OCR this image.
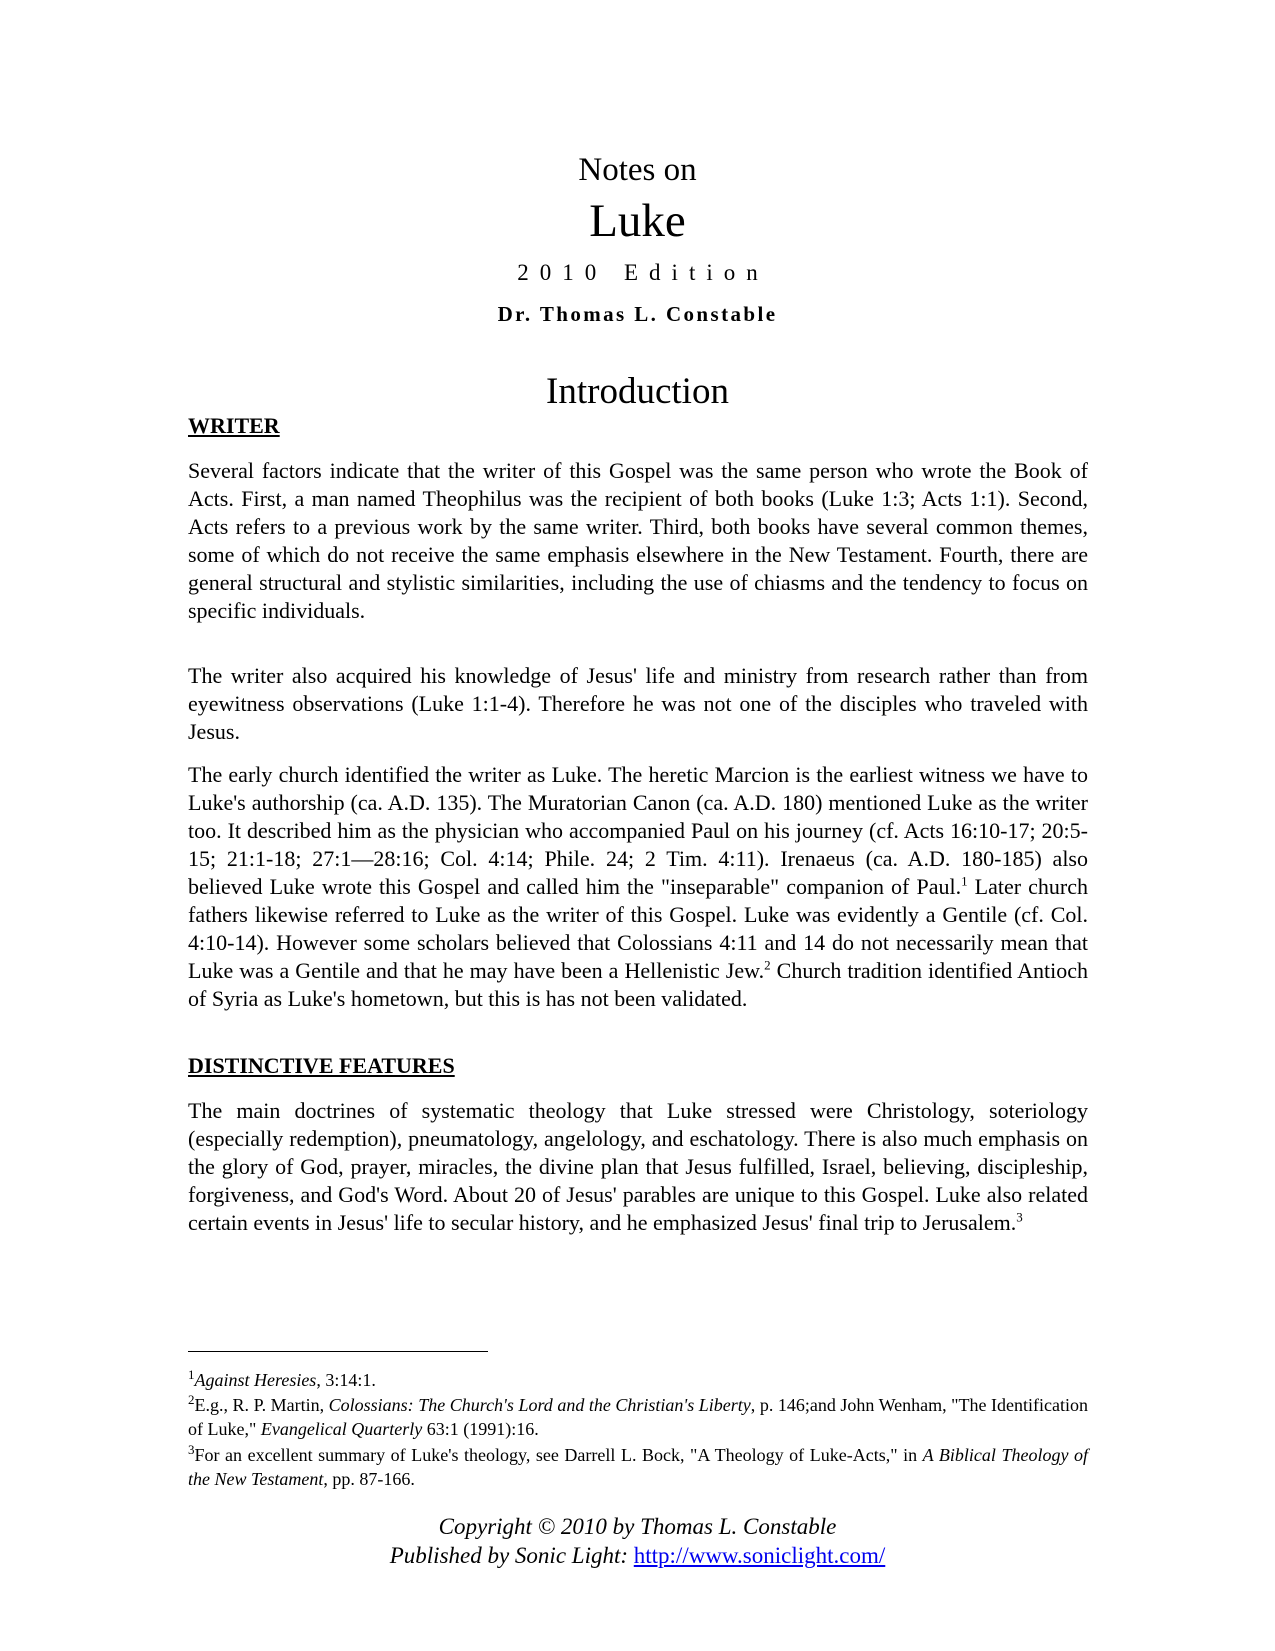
Notes on
Luke
2010 Edition
Dr. Thomas L. Constable
Introduction
WRITER
Several factors indicate that the writer of this Gospel was the same person who wrote the Book of Acts. First, a man named Theophilus was the recipient of both books (Luke 1:3; Acts 1:1). Second, Acts refers to a previous work by the same writer. Third, both books have several common themes, some of which do not receive the same emphasis elsewhere in the New Testament. Fourth, there are general structural and stylistic similarities, including the use of chiasms and the tendency to focus on specific individuals.
The writer also acquired his knowledge of Jesus' life and ministry from research rather than from eyewitness observations (Luke 1:1-4). Therefore he was not one of the disciples who traveled with Jesus.
The early church identified the writer as Luke. The heretic Marcion is the earliest witness we have to Luke's authorship (ca. A.D. 135). The Muratorian Canon (ca. A.D. 180) mentioned Luke as the writer too. It described him as the physician who accompanied Paul on his journey (cf. Acts 16:10-17; 20:5-15; 21:1-18; 27:1—28:16; Col. 4:14; Phile. 24; 2 Tim. 4:11). Irenaeus (ca. A.D. 180-185) also believed Luke wrote this Gospel and called him the "inseparable" companion of Paul.$^1$ Later church fathers likewise referred to Luke as the writer of this Gospel. Luke was evidently a Gentile (cf. Col. 4:10-14). However some scholars believed that Colossians 4:11 and 14 do not necessarily mean that Luke was a Gentile and that he may have been a Hellenistic Jew.$^2$ Church tradition identified Antioch of Syria as Luke's hometown, but this is has not been validated.
DISTINCTIVE FEATURES
The main doctrines of systematic theology that Luke stressed were Christology, soteriology (especially redemption), pneumatology, angelology, and eschatology. There is also much emphasis on the glory of God, prayer, miracles, the divine plan that Jesus fulfilled, Israel, believing, discipleship, forgiveness, and God's Word. About 20 of Jesus' parables are unique to this Gospel. Luke also related certain events in Jesus' life to secular history, and he emphasized Jesus' final trip to Jerusalem.$^3$
$^1$Against Heresies, 3:14:1.
$^2$E.g., R. P. Martin, Colossians: The Church's Lord and the Christian's Liberty, p. 146;and John Wenham, "The Identification of Luke," Evangelical Quarterly 63:1 (1991):16.
$^3$For an excellent summary of Luke's theology, see Darrell L. Bock, "A Theology of Luke-Acts," in A Biblical Theology of the New Testament, pp. 87-166.
Copyright © 2010 by Thomas L. Constable
Published by Sonic Light: http://www.soniclight.com/
